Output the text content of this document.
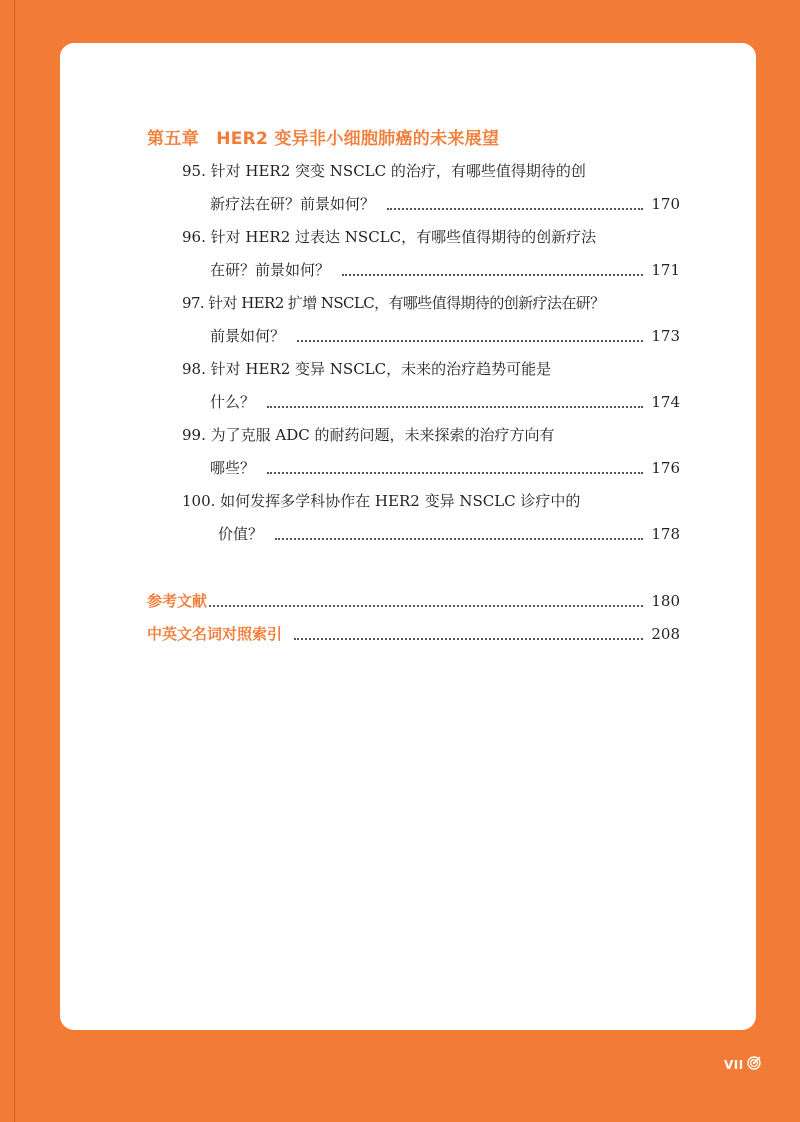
第五章　HER2 变异非小细胞肺癌的未来展望
95. 针对 HER2 突变 NSCLC 的治疗，有哪些值得期待的创
新疗法在研？前景如何？	170
96. 针对 HER2 过表达 NSCLC，有哪些值得期待的创新疗法
在研？前景如何？	171
97. 针对 HER2 扩增 NSCLC，有哪些值得期待的创新疗法在研？
前景如何？	173
98. 针对 HER2 变异 NSCLC，未来的治疗趋势可能是
什么？	174
99. 为了克服 ADC 的耐药问题，未来探索的治疗方向有
哪些？	176
100. 如何发挥多学科协作在 HER2 变异 NSCLC 诊疗中的
价值？	178
参考文献	180
中英文名词对照索引	208
VII
